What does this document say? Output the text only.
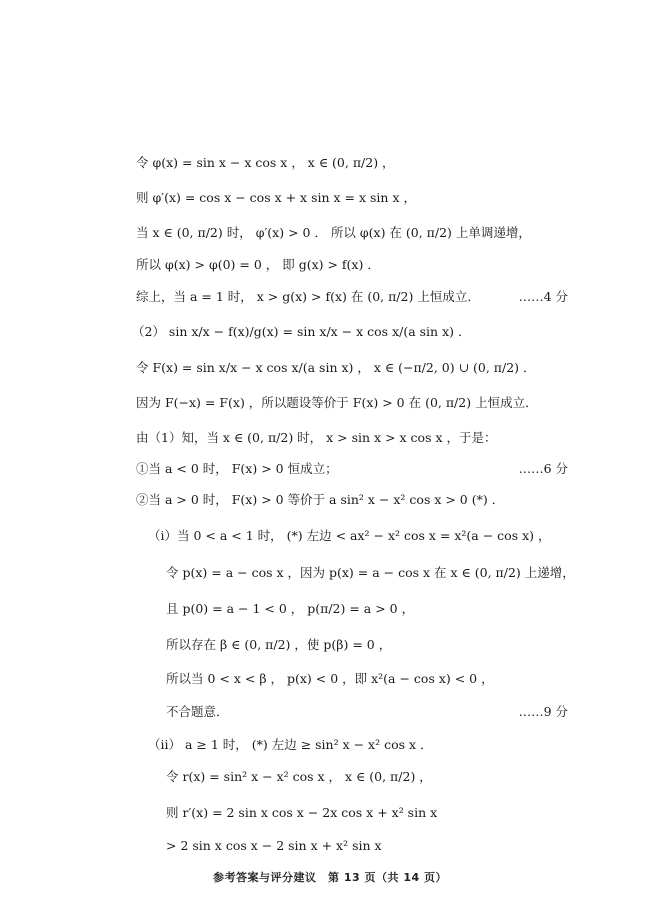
令 φ(x) = sin x − x cos x ， x ∈ (0, π/2) ，
则 φ′(x) = cos x − cos x + x sin x = x sin x ，
当 x ∈ (0, π/2) 时， φ′(x) > 0 ． 所以 φ(x) 在 (0, π/2) 上单调递增，
所以 φ(x) > φ(0) = 0 ， 即 g(x) > f(x) ．
综上，当 a = 1 时， x > g(x) > f(x) 在 (0, π/2) 上恒成立．	……4 分
（2） sin x/x − f(x)/g(x) = sin x/x − x cos x/(a sin x) ．
令 F(x) = sin x/x − x cos x/(a sin x) ， x ∈ (−π/2, 0) ∪ (0, π/2) ．
因为 F(−x) = F(x) ，所以题设等价于 F(x) > 0 在 (0, π/2) 上恒成立．
由（1）知，当 x ∈ (0, π/2) 时， x > sin x > x cos x ，于是：
①当 a < 0 时， F(x) > 0 恒成立；	……6 分
②当 a > 0 时， F(x) > 0 等价于 a sin² x − x² cos x > 0 (*) ．
（i）当 0 < a < 1 时， (*) 左边 < ax² − x² cos x = x²(a − cos x) ，
令 p(x) = a − cos x ，因为 p(x) = a − cos x 在 x ∈ (0, π/2) 上递增，
且 p(0) = a − 1 < 0 ， p(π/2) = a > 0 ，
所以存在 β ∈ (0, π/2) ，使 p(β) = 0 ，
所以当 0 < x < β ， p(x) < 0 ，即 x²(a − cos x) < 0 ，
不合题意．	……9 分
（ii） a ≥ 1 时， (*) 左边 ≥ sin² x − x² cos x ．
令 r(x) = sin² x − x² cos x ， x ∈ (0, π/2) ，
则 r′(x) = 2 sin x cos x − 2x cos x + x² sin x
> 2 sin x cos x − 2 sin x + x² sin x
参考答案与评分建议　第 13 页（共 14 页）
